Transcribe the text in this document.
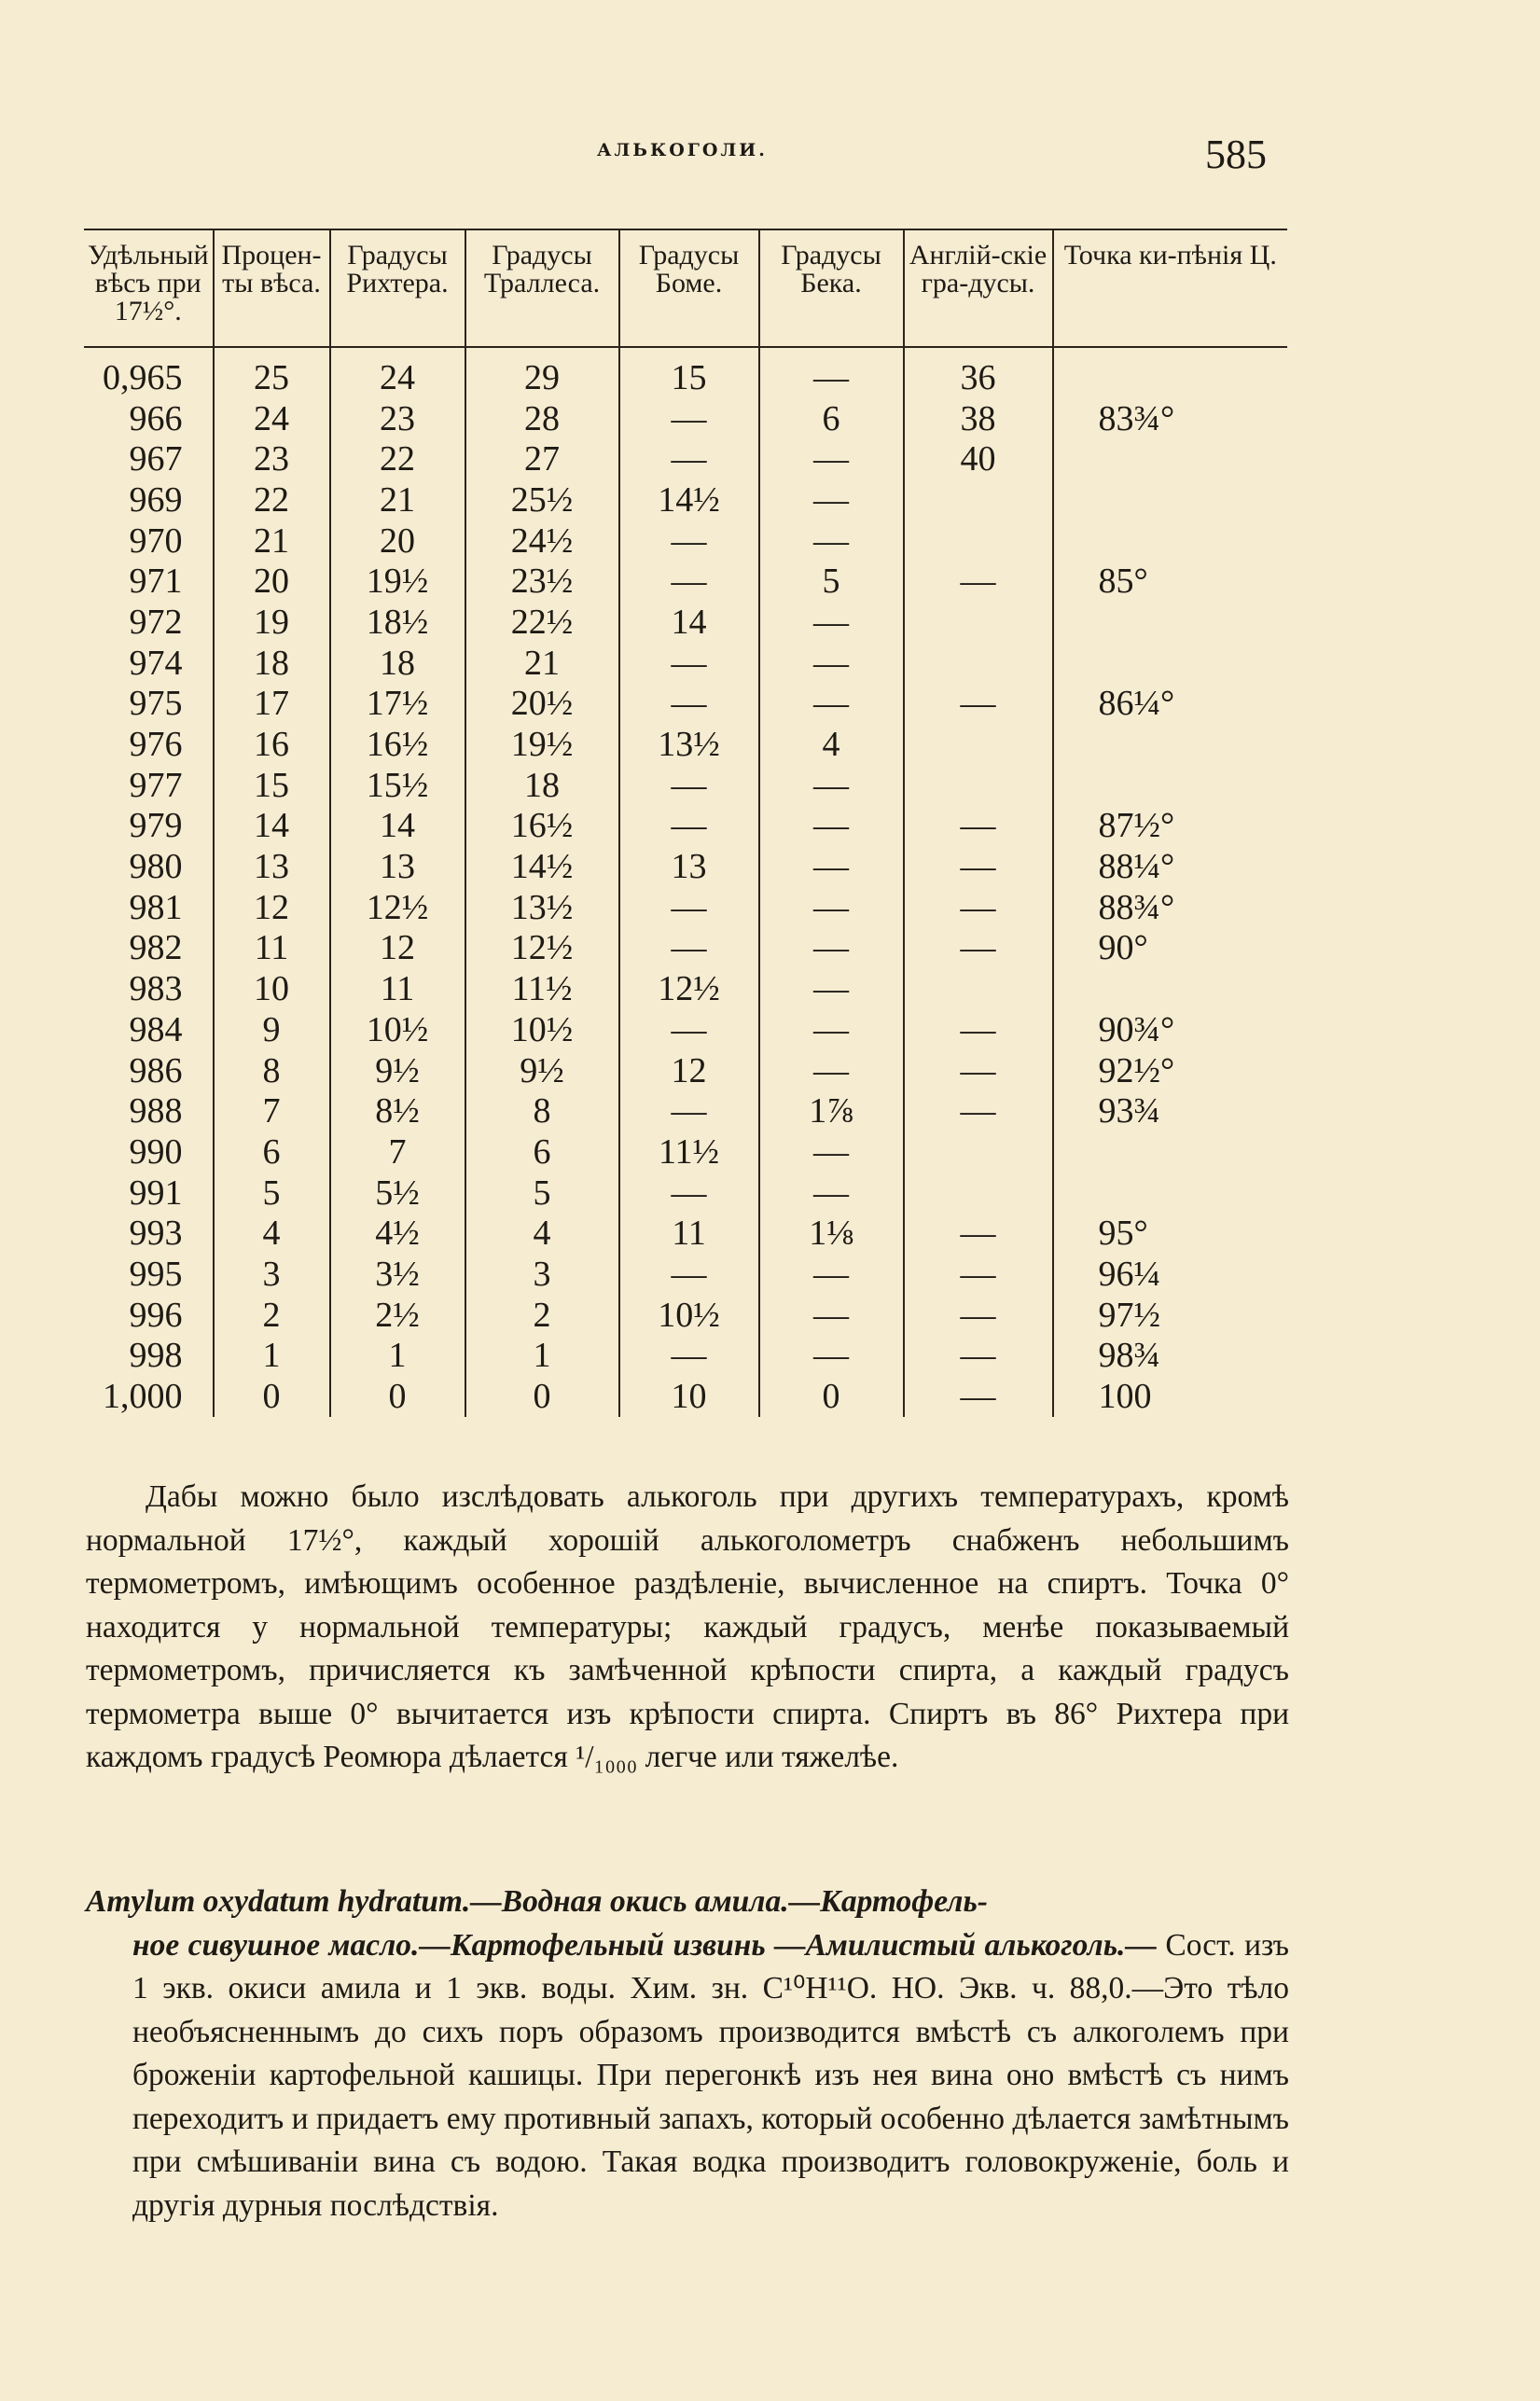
АЛЬКОГОЛИ.	585
Удѣльный вѣсъ при 17½°.	Процен-ты вѣса.	Градусы Рихтера.	Градусы Траллеса.	Градусы Боме.	Градусы Бека.	Англій-скіе гра-дусы.	Точка ки-пѣнія Ц.
0,965	25	24	29	15	—	36	
966	24	23	28	—	6	38	83¾°
967	23	22	27	—	—	40	
969	22	21	25½	14½	—		
970	21	20	24½	—	—		
971	20	19½	23½	—	5	—	85°
972	19	18½	22½	14	—		
974	18	18	21	—	—		
975	17	17½	20½	—	—	—	86¼°
976	16	16½	19½	13½	4		
977	15	15½	18	—	—		
979	14	14	16½	—	—	—	87½°
980	13	13	14½	13	—	—	88¼°
981	12	12½	13½	—	—	—	88¾°
982	11	12	12½	—	—	—	90°
983	10	11	11½	12½	—		
984	9	10½	10½	—	—	—	90¾°
986	8	9½	9½	12	—	—	92½°
988	7	8½	8	—	1⅞	—	93¾
990	6	7	6	11½	—		
991	5	5½	5	—	—		
993	4	4½	4	11	1⅛	—	95°
995	3	3½	3	—	—	—	96¼
996	2	2½	2	10½	—	—	97½
998	1	1	1	—	—	—	98¾
1,000	0	0	0	10	0	—	100
Дабы можно было изслѣдовать алькоголь при другихъ температурахъ, кромѣ нормальной 17½°, каждый хорошій алькоголометръ снабженъ небольшимъ термометромъ, имѣющимъ особенное раздѣленіе, вычисленное на спиртъ. Точка 0° находится у нормальной температуры; каждый градусъ, менѣе показываемый термометромъ, причисляется къ замѣченной крѣпости спирта, а каждый градусъ термометра выше 0° вычитается изъ крѣпости спирта. Спиртъ въ 86° Рихтера при каждомъ градусѣ Реомюра дѣлается ¹/₁₀₀₀ легче или тяжелѣе.
Amylum oxydatum hydratum.—Водная окись амила.—Картофель-
ное сивушное масло.—Картофельный извинь —Амилистый алькоголь.— Сост. изъ 1 экв. окиси амила и 1 экв. воды. Хим. зн. C¹⁰H¹¹O. HO. Экв. ч. 88,0.—Это тѣло необъясненнымъ до сихъ поръ образомъ производится вмѣстѣ съ алкоголемъ при броженіи картофельной кашицы. При перегонкѣ изъ нея вина оно вмѣстѣ съ нимъ переходитъ и придаетъ ему противный запахъ, который особенно дѣлается замѣтнымъ при смѣшиваніи вина съ водою. Такая водка производитъ головокруженіе, боль и другія дурныя послѣдствія.
